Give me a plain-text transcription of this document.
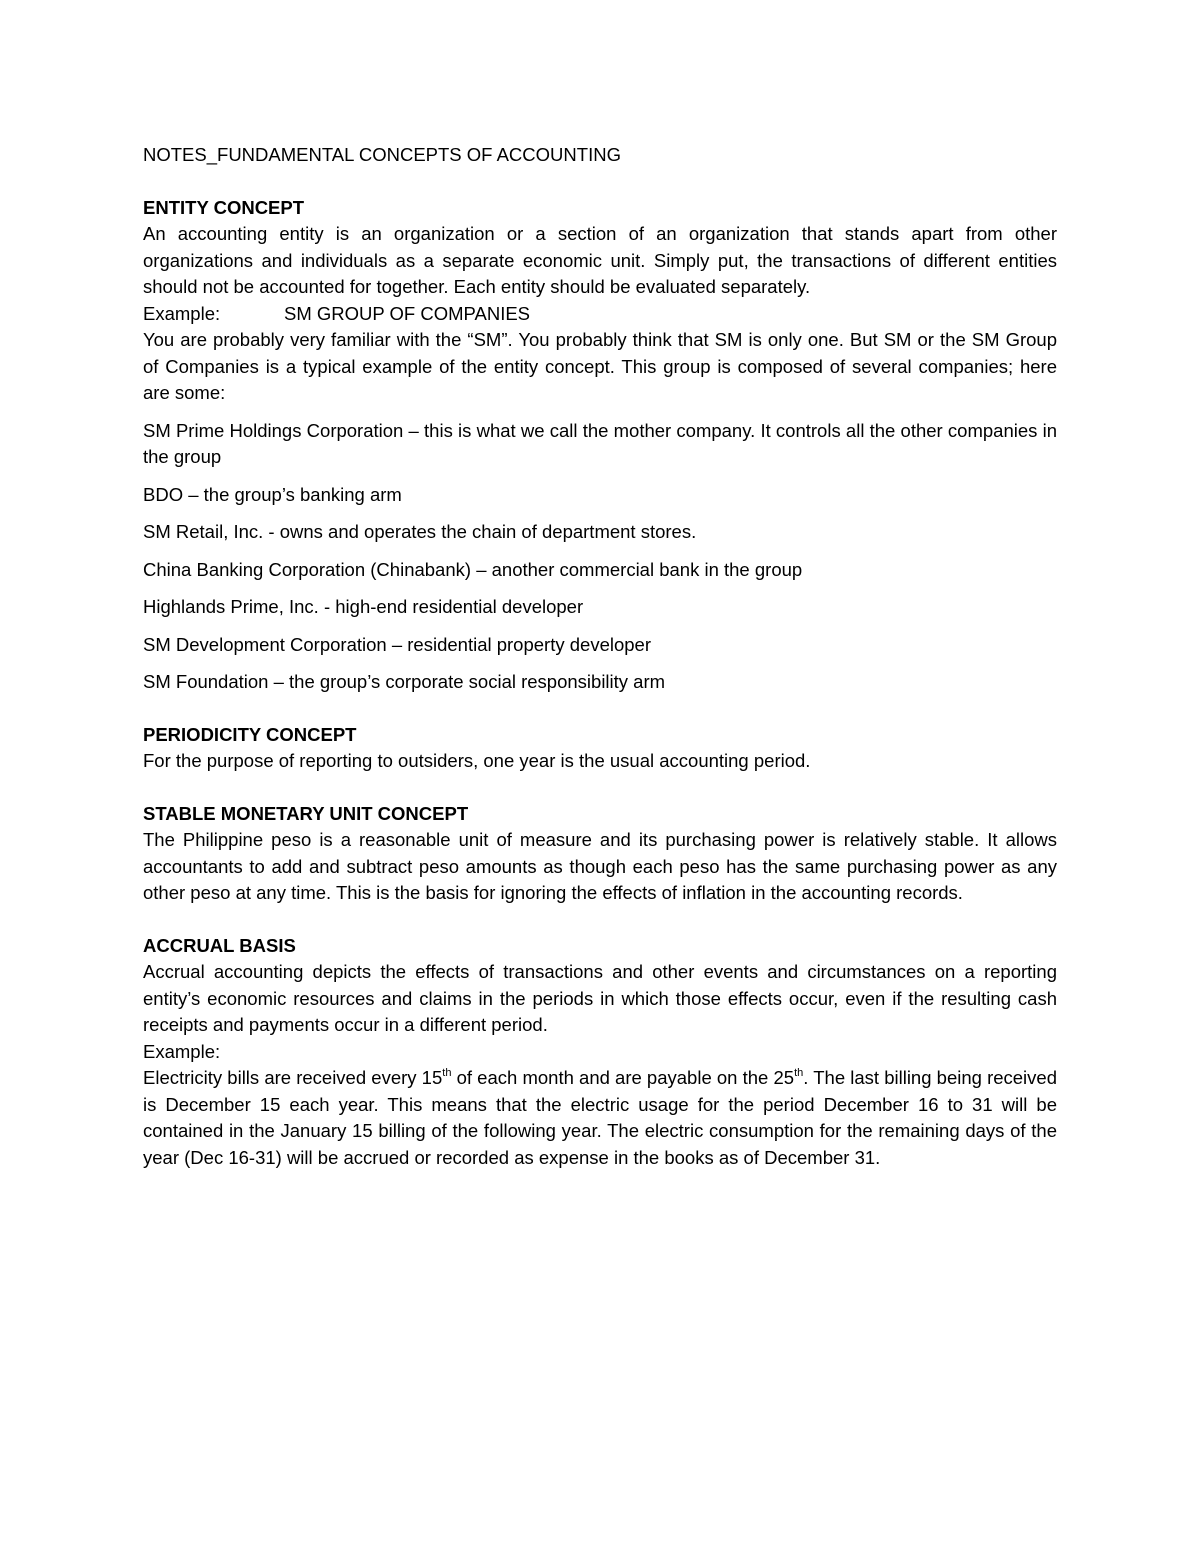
NOTES_FUNDAMENTAL CONCEPTS OF ACCOUNTING

ENTITY CONCEPT

An accounting entity is an organization or a section of an organization that stands apart from other organizations and individuals as a separate economic unit. Simply put, the transactions of different entities should not be accounted for together. Each entity should be evaluated separately.

Example:	SM GROUP OF COMPANIES

You are probably very familiar with the “SM”. You probably think that SM is only one. But SM or the SM Group of Companies is a typical example of the entity concept. This group is composed of several companies; here are some:

SM Prime Holdings Corporation – this is what we call the mother company. It controls all the other companies in the group

BDO – the group’s banking arm

SM Retail, Inc. - owns and operates the chain of department stores.

China Banking Corporation (Chinabank) – another commercial bank in the group

Highlands Prime, Inc. - high-end residential developer

SM Development Corporation – residential property developer

SM Foundation – the group’s corporate social responsibility arm

PERIODICITY CONCEPT

For the purpose of reporting to outsiders, one year is the usual accounting period.

STABLE MONETARY UNIT CONCEPT

The Philippine peso is a reasonable unit of measure and its purchasing power is relatively stable. It allows accountants to add and subtract peso amounts as though each peso has the same purchasing power as any other peso at any time. This is the basis for ignoring the effects of inflation in the accounting records.

ACCRUAL BASIS

Accrual accounting depicts the effects of transactions and other events and circumstances on a reporting entity’s economic resources and claims in the periods in which those effects occur, even if the resulting cash receipts and payments occur in a different period.

Example:

Electricity bills are received every 15th of each month and are payable on the 25th. The last billing being received is December 15 each year. This means that the electric usage for the period December 16 to 31 will be contained in the January 15 billing of the following year. The electric consumption for the remaining days of the year (Dec 16-31) will be accrued or recorded as expense in the books as of December 31.
